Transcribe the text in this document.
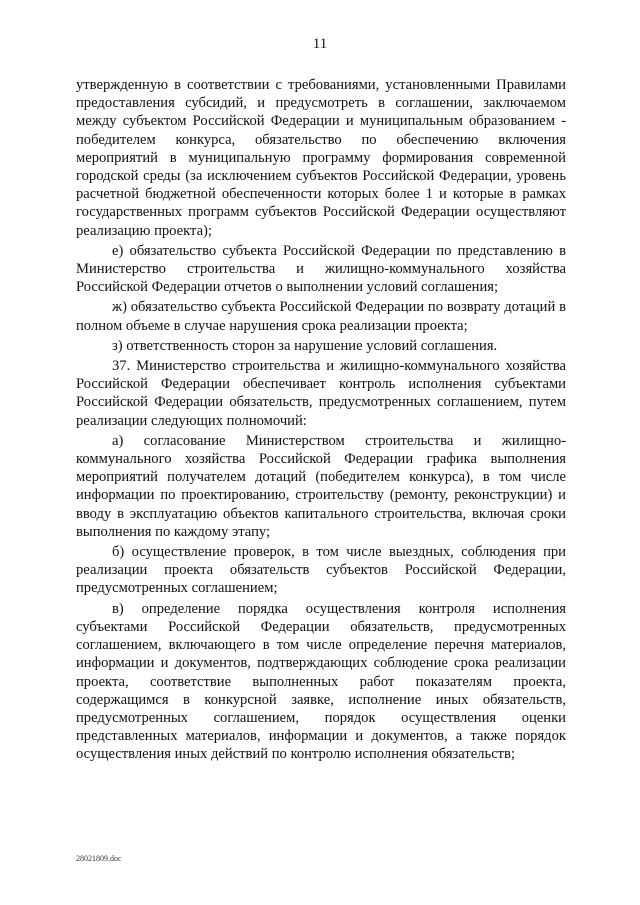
11

утвержденную в соответствии с требованиями, установленными Правилами предоставления субсидий, и предусмотреть в соглашении, заключаемом между субъектом Российской Федерации и муниципальным образованием - победителем конкурса, обязательство по обеспечению включения мероприятий в муниципальную программу формирования современной городской среды (за исключением субъектов Российской Федерации, уровень расчетной бюджетной обеспеченности которых более 1 и которые в рамках государственных программ субъектов Российской Федерации осуществляют реализацию проекта);

е) обязательство субъекта Российской Федерации по представлению в Министерство строительства и жилищно-коммунального хозяйства Российской Федерации отчетов о выполнении условий соглашения;

ж) обязательство субъекта Российской Федерации по возврату дотаций в полном объеме в случае нарушения срока реализации проекта;

з) ответственность сторон за нарушение условий соглашения.

37. Министерство строительства и жилищно-коммунального хозяйства Российской Федерации обеспечивает контроль исполнения субъектами Российской Федерации обязательств, предусмотренных соглашением, путем реализации следующих полномочий:

а) согласование Министерством строительства и жилищно-коммунального хозяйства Российской Федерации графика выполнения мероприятий получателем дотаций (победителем конкурса), в том числе информации по проектированию, строительству (ремонту, реконструкции) и вводу в эксплуатацию объектов капитального строительства, включая сроки выполнения по каждому этапу;

б) осуществление проверок, в том числе выездных, соблюдения при реализации проекта обязательств субъектов Российской Федерации, предусмотренных соглашением;

в) определение порядка осуществления контроля исполнения субъектами Российской Федерации обязательств, предусмотренных соглашением, включающего в том числе определение перечня материалов, информации и документов, подтверждающих соблюдение срока реализации проекта, соответствие выполненных работ показателям проекта, содержащимся в конкурсной заявке, исполнение иных обязательств, предусмотренных соглашением, порядок осуществления оценки представленных материалов, информации и документов, а также порядок осуществления иных действий по контролю исполнения обязательств;

28021809.doc
